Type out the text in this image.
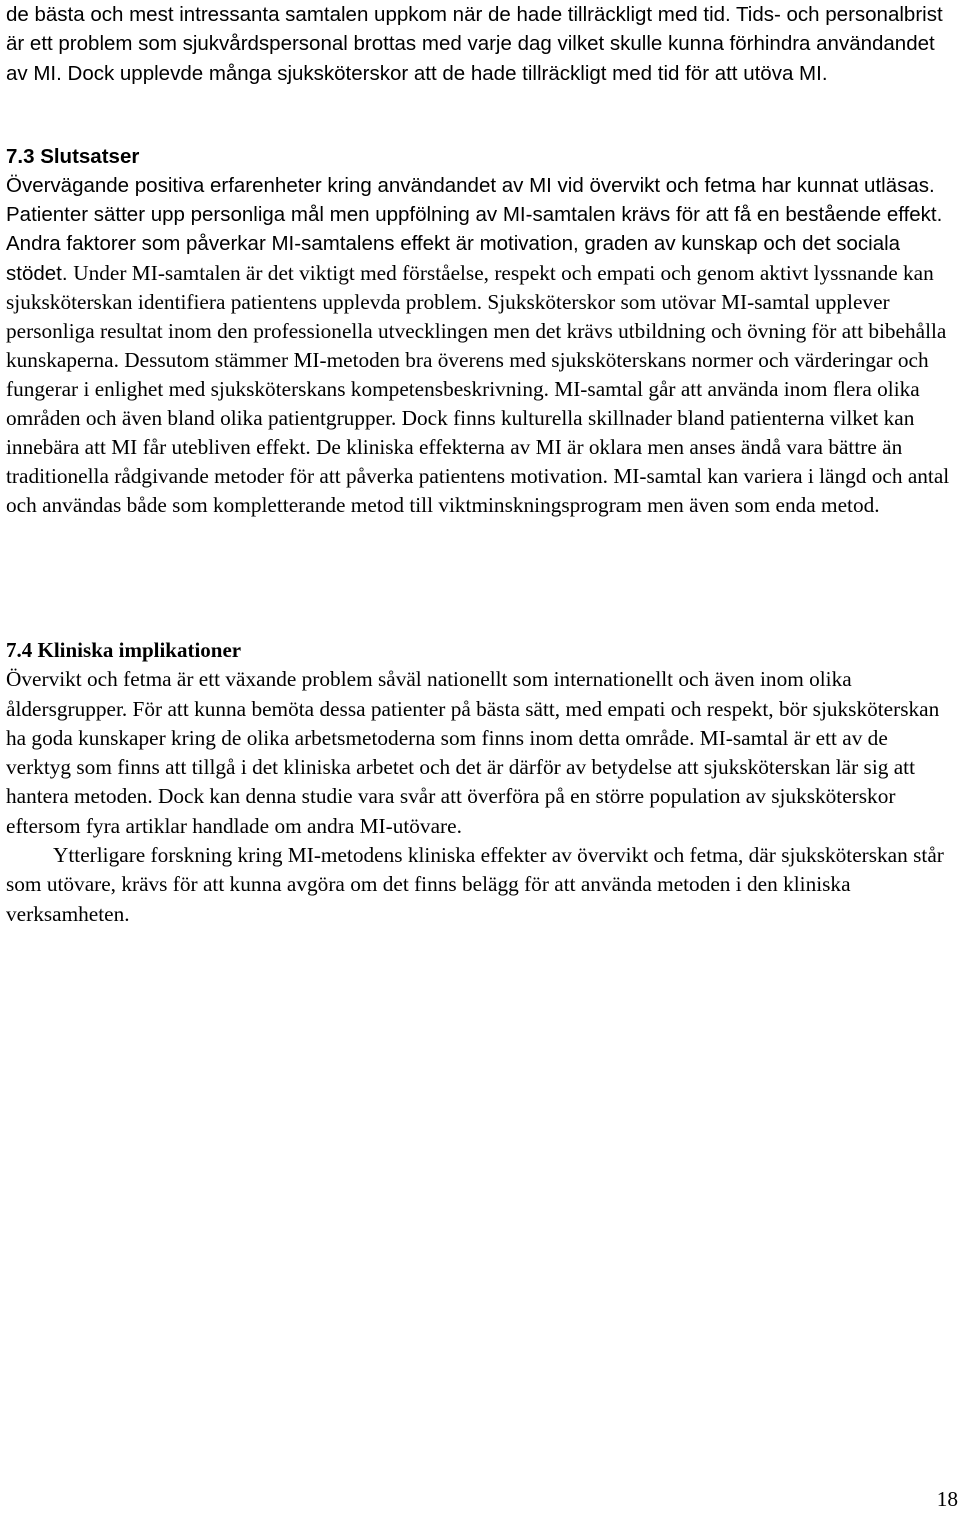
de bästa och mest intressanta samtalen uppkom när de hade tillräckligt med tid. Tids- och personalbrist är ett problem som sjukvårdspersonal brottas med varje dag vilket skulle kunna förhindra användandet av MI. Dock upplevde många sjuksköterskor att de hade tillräckligt med tid för att utöva MI.

7.3 Slutsatser

Övervägande positiva erfarenheter kring användandet av MI vid övervikt och fetma har kunnat utläsas. Patienter sätter upp personliga mål men uppfölning av MI-samtalen krävs för att få en bestående effekt. Andra faktorer som påverkar MI-samtalens effekt är motivation, graden av kunskap och det sociala stödet. Under MI-samtalen är det viktigt med förståelse, respekt och empati och genom aktivt lyssnande kan sjuksköterskan identifiera patientens upplevda problem. Sjuksköterskor som utövar MI-samtal upplever personliga resultat inom den professionella utvecklingen men det krävs utbildning och övning för att bibehålla kunskaperna. Dessutom stämmer MI-metoden bra överens med sjuksköterskans normer och värderingar och fungerar i enlighet med sjuksköterskans kompetensbeskrivning. MI-samtal går att använda inom flera olika områden och även bland olika patientgrupper. Dock finns kulturella skillnader bland patienterna vilket kan innebära att MI får utebliven effekt. De kliniska effekterna av MI är oklara men anses ändå vara bättre än traditionella rådgivande metoder för att påverka patientens motivation. MI-samtal kan variera i längd och antal och användas både som kompletterande metod till viktminskningsprogram men även som enda metod.

7.4 Kliniska implikationer

Övervikt och fetma är ett växande problem såväl nationellt som internationellt och även inom olika åldersgrupper. För att kunna bemöta dessa patienter på bästa sätt, med empati och respekt, bör sjuksköterskan ha goda kunskaper kring de olika arbetsmetoderna som finns inom detta område. MI-samtal är ett av de verktyg som finns att tillgå i det kliniska arbetet och det är därför av betydelse att sjuksköterskan lär sig att hantera metoden. Dock kan denna studie vara svår att överföra på en större population av sjuksköterskor eftersom fyra artiklar handlade om andra MI-utövare.

Ytterligare forskning kring MI-metodens kliniska effekter av övervikt och fetma, där sjuksköterskan står som utövare, krävs för att kunna avgöra om det finns belägg för att använda metoden i den kliniska verksamheten.

18
